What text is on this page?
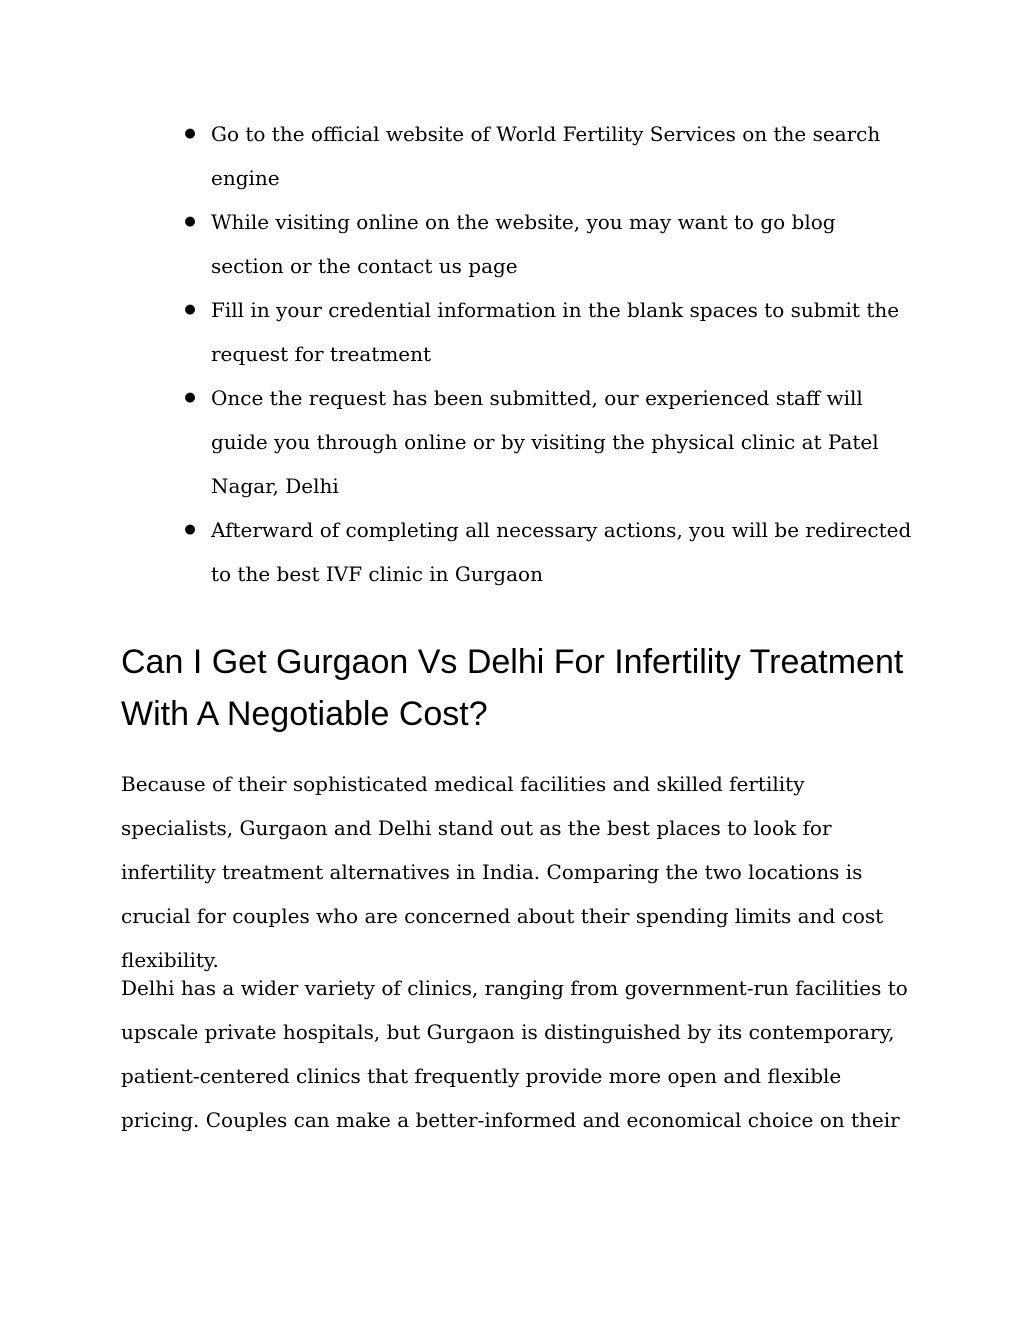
● Go to the official website of World Fertility Services on the search engine
● While visiting online on the website, you may want to go blog section or the contact us page
● Fill in your credential information in the blank spaces to submit the request for treatment
● Once the request has been submitted, our experienced staff will guide you through online or by visiting the physical clinic at Patel Nagar, Delhi
● Afterward of completing all necessary actions, you will be redirected to the best IVF clinic in Gurgaon
Can I Get Gurgaon Vs Delhi For Infertility Treatment With A Negotiable Cost?

Because of their sophisticated medical facilities and skilled fertility specialists, Gurgaon and Delhi stand out as the best places to look for infertility treatment alternatives in India. Comparing the two locations is crucial for couples who are concerned about their spending limits and cost flexibility.

Delhi has a wider variety of clinics, ranging from government-run facilities to upscale private hospitals, but Gurgaon is distinguished by its contemporary, patient-centered clinics that frequently provide more open and flexible pricing. Couples can make a better-informed and economical choice on their
